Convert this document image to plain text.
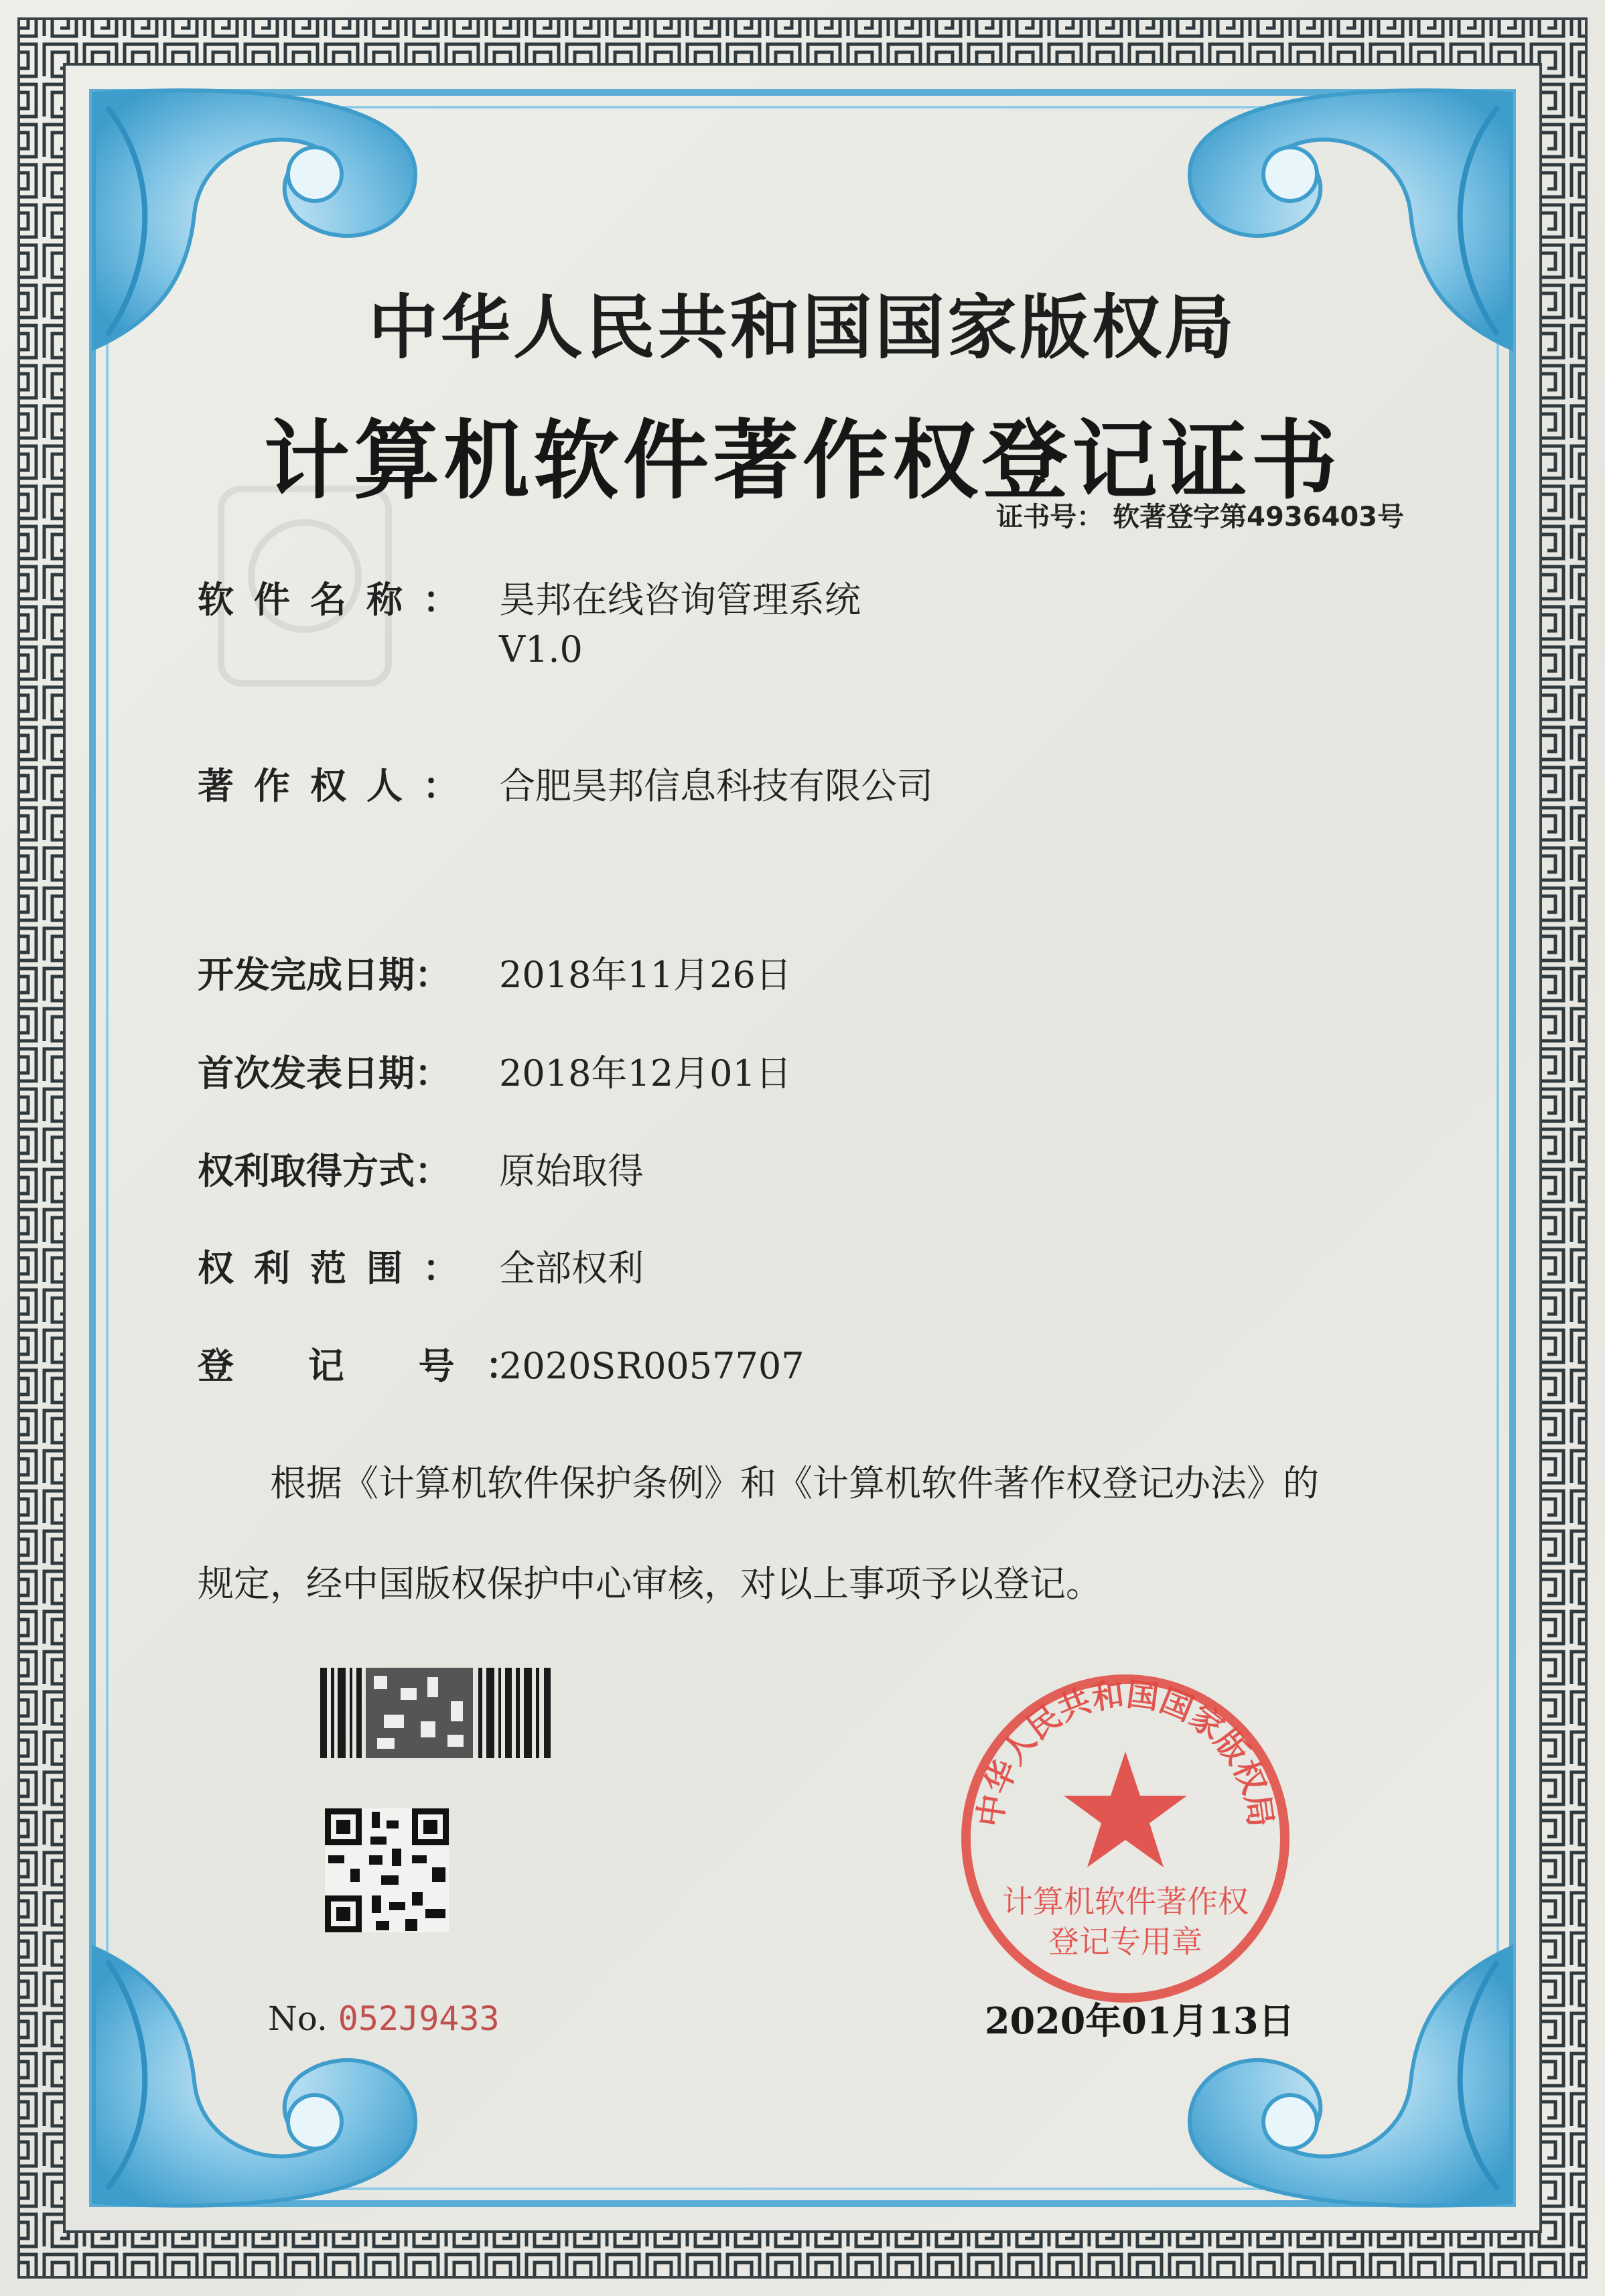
中华人民共和国国家版权局
计算机软件著作权登记证书
证书号： 软著登字第4936403号
软件名称： 昊邦在线咨询管理系统
V1.0
著作权人： 合肥昊邦信息科技有限公司
开发完成日期：	2018年11月26日
首次发表日期：	2018年12月01日
权利取得方式：	原始取得
权利范围： 全部权利
登 记 号：
2020SR0057707
根据《计算机软件保护条例》和《计算机软件著作权登记办法》的
规定，经中国版权保护中心审核，对以上事项予以登记。
No. 052J9433
中华人民共和国国家版权局
计算机软件著作权
登记专用章
2020年01月13日
